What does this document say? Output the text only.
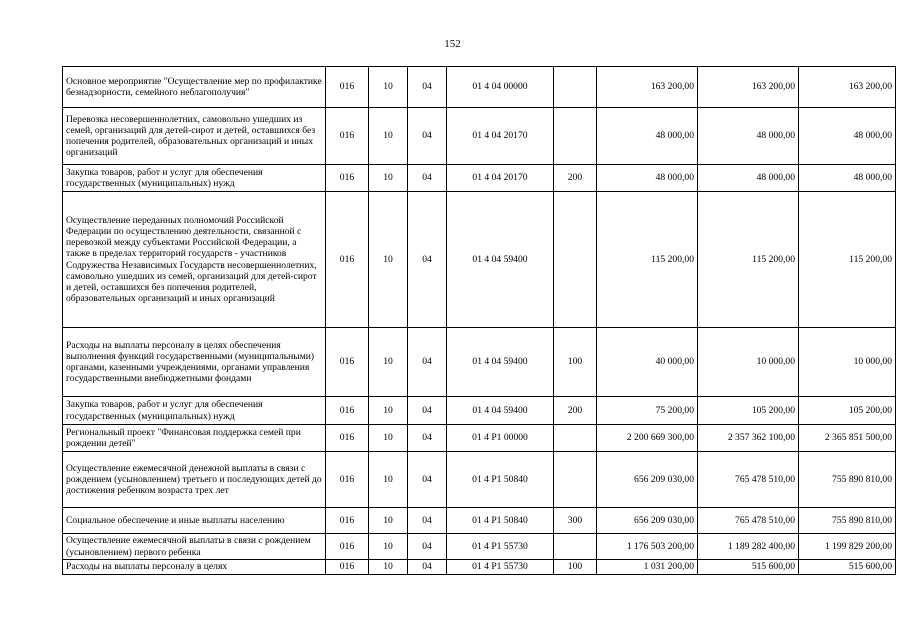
152
Основное мероприятие "Осуществление мер по профилактике безнадзорности, семейного неблагополучия"	016	10	04	01 4 04 00000		163 200,00	163 200,00	163 200,00
Перевозка несовершеннолетних, самовольно ушедших из семей, организаций для детей-сирот и детей, оставшихся без попечения родителей, образовательных организаций и иных организаций	016	10	04	01 4 04 20170		48 000,00	48 000,00	48 000,00
Закупка товаров, работ и услуг для обеспечения государственных (муниципальных) нужд	016	10	04	01 4 04 20170	200	48 000,00	48 000,00	48 000,00
Осуществление переданных полномочий Российской Федерации по осуществлению деятельности, связанной с перевозкой между субъектами Российской Федерации, а также в пределах территорий государств - участников Содружества Независимых Государств несовершеннолетних, самовольно ушедших из семей, организаций для детей-сирот и детей, оставшихся без попечения родителей, образовательных организаций и иных организаций	016	10	04	01 4 04 59400		115 200,00	115 200,00	115 200,00
Расходы на выплаты персоналу в целях обеспечения выполнения функций государственными (муниципальными) органами, казенными учреждениями, органами управления государственными внебюджетными фондами	016	10	04	01 4 04 59400	100	40 000,00	10 000,00	10 000,00
Закупка товаров, работ и услуг для обеспечения государственных (муниципальных) нужд	016	10	04	01 4 04 59400	200	75 200,00	105 200,00	105 200,00
Региональный проект "Финансовая поддержка семей при рождении детей"	016	10	04	01 4 P1 00000		2 200 669 300,00	2 357 362 100,00	2 365 851 500,00
Осуществление ежемесячной денежной выплаты в связи с рождением (усыновлением) третьего и последующих детей до достижения ребенком возраста трех лет	016	10	04	01 4 P1 50840		656 209 030,00	765 478 510,00	755 890 810,00
Социальное обеспечение и иные выплаты населению	016	10	04	01 4 P1 50840	300	656 209 030,00	765 478 510,00	755 890 810,00
Осуществление ежемесячной выплаты в связи с рождением (усыновлением) первого ребенка	016	10	04	01 4 P1 55730		1 176 503 200,00	1 189 282 400,00	1 199 829 200,00
Расходы на выплаты персоналу в целях	016	10	04	01 4 P1 55730	100	1 031 200,00	515 600,00	515 600,00
